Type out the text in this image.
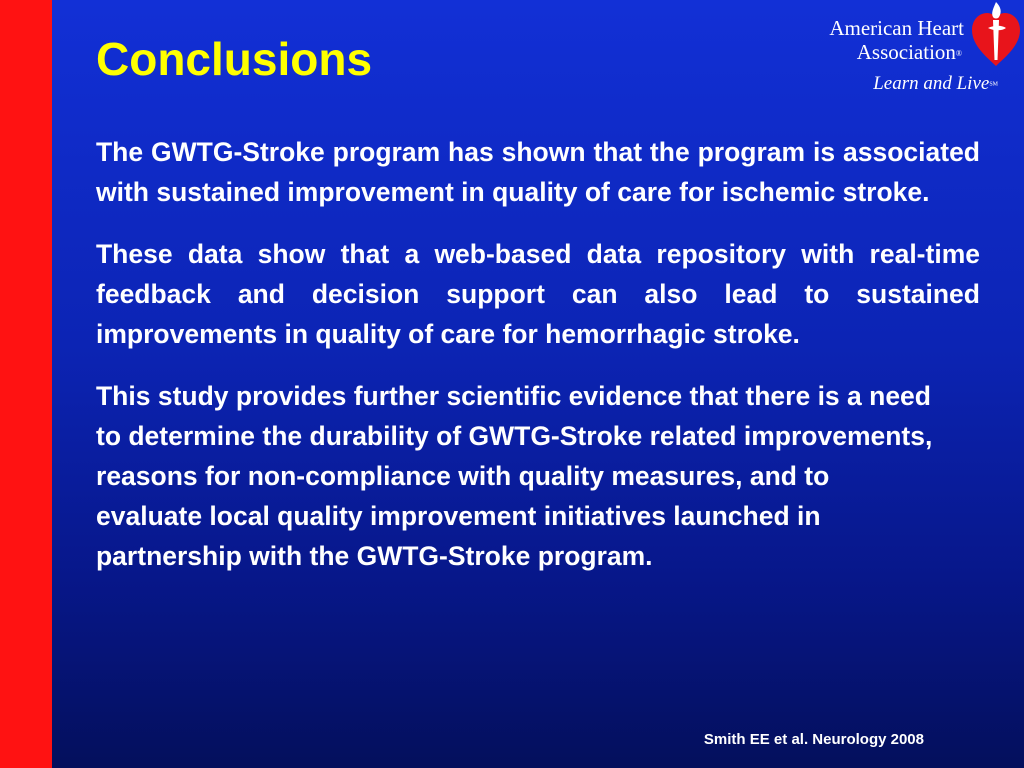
Conclusions
American Heart
Association®
Learn and LiveSM

The GWTG-Stroke program has shown that the program is associated with sustained improvement in quality of care for ischemic stroke.

These data show that a web-based data repository with real-time feedback and decision support can also lead to sustained improvements in quality of care for hemorrhagic stroke.

This study provides further scientific evidence that there is a need to determine the durability of GWTG-Stroke related improvements, reasons for non-compliance with quality measures, and to evaluate local quality improvement initiatives launched in partnership with the GWTG-Stroke program.

Smith EE et al. Neurology 2008
